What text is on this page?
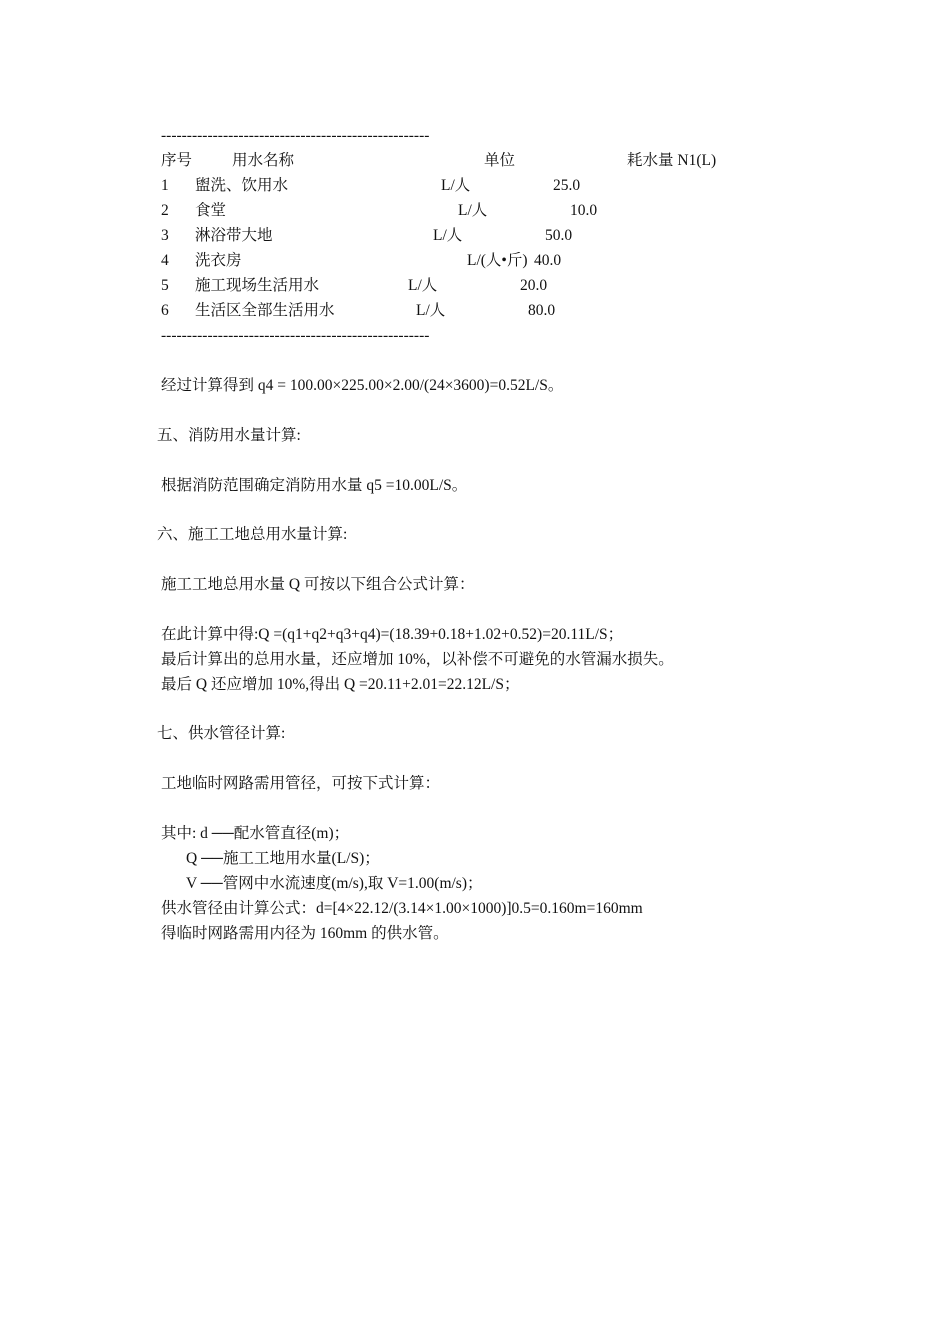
----------------------------------------------------
序号	用水名称	单位	耗水量 N1(L)
1 盥洗、饮用水	L/人	25.0
2 食堂	L/人	10.0
3 淋浴带大地	L/人	50.0
4 洗衣房	L/(人•斤) 40.0
5 施工现场生活用水	L/人	20.0
6 生活区全部生活用水	L/人	80.0
----------------------------------------------------

经过计算得到 q4 = 100.00×225.00×2.00/(24×3600)=0.52L/S。

五、消防用水量计算:

根据消防范围确定消防用水量 q5 =10.00L/S。

六、施工工地总用水量计算:

施工工地总用水量 Q 可按以下组合公式计算：

在此计算中得:Q =(q1+q2+q3+q4)=(18.39+0.18+1.02+0.52)=20.11L/S；

最后计算出的总用水量，还应增加 10%，以补偿不可避免的水管漏水损失。

最后 Q 还应增加 10%,得出 Q =20.11+2.01=22.12L/S；

七、供水管径计算:

工地临时网路需用管径，可按下式计算：

其中: d ──配水管直径(m)；

Q ──施工工地用水量(L/S)；

V ──管网中水流速度(m/s),取 V=1.00(m/s)；

供水管径由计算公式：d=[4×22.12/(3.14×1.00×1000)]0.5=0.160m=160mm

得临时网路需用内径为 160mm 的供水管。
